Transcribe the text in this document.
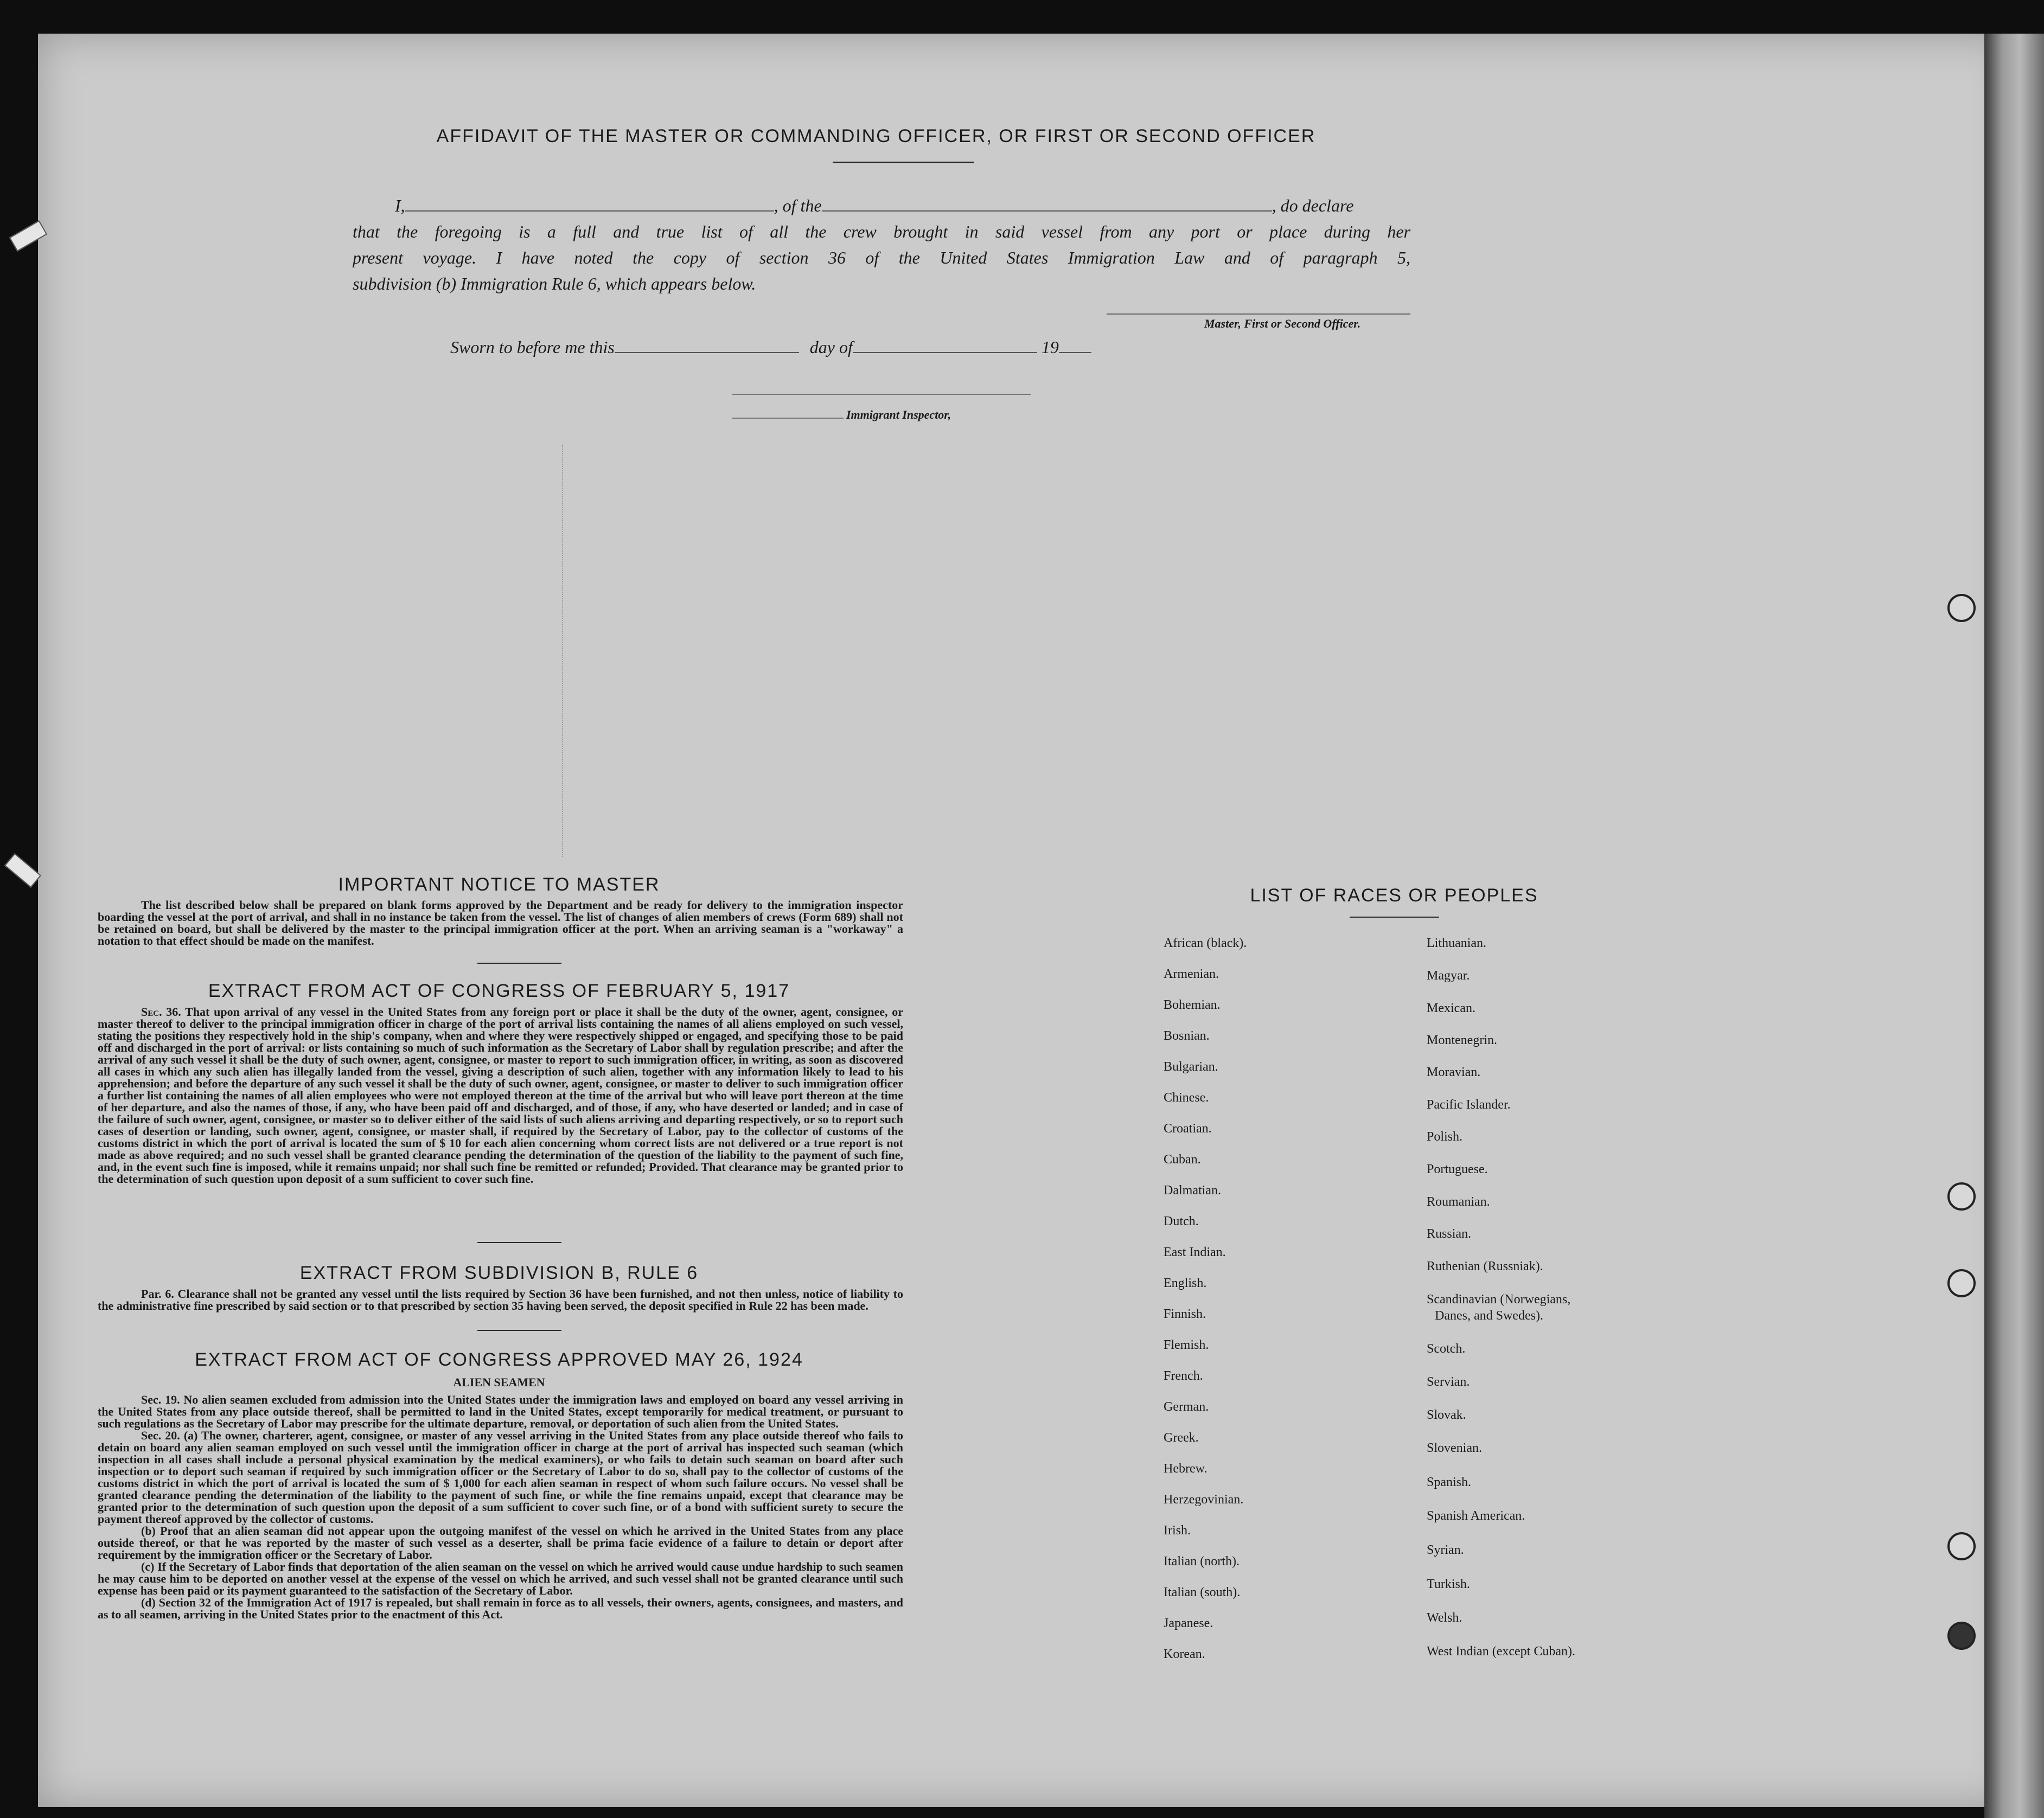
AFFIDAVIT OF THE MASTER OR COMMANDING OFFICER, OR FIRST OR SECOND OFFICER
I,	, of the	, do declare
that the foregoing is a full and true list of all the crew brought in said vessel from any port or place during her
present voyage. I have noted the copy of section 36 of the United States Immigration Law and of paragraph 5,
subdivision (b) Immigration Rule 6, which appears below.
Master, First or Second Officer.
Sworn to before me this	day of	19
Immigrant Inspector,
IMPORTANT NOTICE TO MASTER
The list described below shall be prepared on blank forms approved by the Department and be ready for delivery to the immigration inspector boarding the vessel at the port of arrival, and shall in no instance be taken from the vessel. The list of changes of alien members of crews (Form 689) shall not be retained on board, but shall be delivered by the master to the principal immigration officer at the port. When an arriving seaman is a "workaway" a notation to that effect should be made on the manifest.
EXTRACT FROM ACT OF CONGRESS OF FEBRUARY 5, 1917
Sec. 36. That upon arrival of any vessel in the United States from any foreign port or place it shall be the duty of the owner, agent, consignee, or master thereof to deliver to the principal immigration officer in charge of the port of arrival lists containing the names of all aliens employed on such vessel, stating the positions they respectively hold in the ship's company, when and where they were respectively shipped or engaged, and specifying those to be paid off and discharged in the port of arrival: or lists containing so much of such information as the Secretary of Labor shall by regulation prescribe; and after the arrival of any such vessel it shall be the duty of such owner, agent, consignee, or master to report to such immigration officer, in writing, as soon as discovered all cases in which any such alien has illegally landed from the vessel, giving a description of such alien, together with any information likely to lead to his apprehension; and before the departure of any such vessel it shall be the duty of such owner, agent, consignee, or master to deliver to such immigration officer a further list containing the names of all alien employees who were not employed thereon at the time of the arrival but who will leave port thereon at the time of her departure, and also the names of those, if any, who have been paid off and discharged, and of those, if any, who have deserted or landed; and in case of the failure of such owner, agent, consignee, or master so to deliver either of the said lists of such aliens arriving and departing respectively, or so to report such cases of desertion or landing, such owner, agent, consignee, or master shall, if required by the Secretary of Labor, pay to the collector of customs of the customs district in which the port of arrival is located the sum of $ 10 for each alien concerning whom correct lists are not delivered or a true report is not made as above required; and no such vessel shall be granted clearance pending the determination of the question of the liability to the payment of such fine, and, in the event such fine is imposed, while it remains unpaid; nor shall such fine be remitted or refunded; Provided. That clearance may be granted prior to the determination of such question upon deposit of a sum sufficient to cover such fine.
EXTRACT FROM SUBDIVISION B, RULE 6
Par. 6. Clearance shall not be granted any vessel until the lists required by Section 36 have been furnished, and not then unless, notice of liability to the administrative fine prescribed by said section or to that prescribed by section 35 having been served, the deposit specified in Rule 22 has been made.
EXTRACT FROM ACT OF CONGRESS APPROVED MAY 26, 1924
ALIEN SEAMEN
Sec. 19. No alien seamen excluded from admission into the United States under the immigration laws and employed on board any vessel arriving in the United States from any place outside thereof, shall be permitted to land in the United States, except temporarily for medical treatment, or pursuant to such regulations as the Secretary of Labor may prescribe for the ultimate departure, removal, or deportation of such alien from the United States.
Sec. 20. (a) The owner, charterer, agent, consignee, or master of any vessel arriving in the United States from any place outside thereof who fails to detain on board any alien seaman employed on such vessel until the immigration officer in charge at the port of arrival has inspected such seaman (which inspection in all cases shall include a personal physical examination by the medical examiners), or who fails to detain such seaman on board after such inspection or to deport such seaman if required by such immigration officer or the Secretary of Labor to do so, shall pay to the collector of customs of the customs district in which the port of arrival is located the sum of $ 1,000 for each alien seaman in respect of whom such failure occurs. No vessel shall be granted clearance pending the determination of the liability to the payment of such fine, or while the fine remains unpaid, except that clearance may be granted prior to the determination of such question upon the deposit of a sum sufficient to cover such fine, or of a bond with sufficient surety to secure the payment thereof approved by the collector of customs.
(b) Proof that an alien seaman did not appear upon the outgoing manifest of the vessel on which he arrived in the United States from any place outside thereof, or that he was reported by the master of such vessel as a deserter, shall be prima facie evidence of a failure to detain or deport after requirement by the immigration officer or the Secretary of Labor.
(c) If the Secretary of Labor finds that deportation of the alien seaman on the vessel on which he arrived would cause undue hardship to such seamen he may cause him to be deported on another vessel at the expense of the vessel on which he arrived, and such vessel shall not be granted clearance until such expense has been paid or its payment guaranteed to the satisfaction of the Secretary of Labor.
(d) Section 32 of the Immigration Act of 1917 is repealed, but shall remain in force as to all vessels, their owners, agents, consignees, and masters, and as to all seamen, arriving in the United States prior to the enactment of this Act.
LIST OF RACES OR PEOPLES
African (black).
Armenian.
Bohemian.
Bosnian.
Bulgarian.
Chinese.
Croatian.
Cuban.
Dalmatian.
Dutch.
East Indian.
English.
Finnish.
Flemish.
French.
German.
Greek.
Hebrew.
Herzegovinian.
Irish.
Italian (north).
Italian (south).
Japanese.
Korean.
Lithuanian.
Magyar.
Mexican.
Montenegrin.
Moravian.
Pacific Islander.
Polish.
Portuguese.
Roumanian.
Russian.
Ruthenian (Russniak).
Scandinavian (Norwegians,
Danes, and Swedes).
Scotch.
Servian.
Slovak.
Slovenian.
Spanish.
Spanish American.
Syrian.
Turkish.
Welsh.
West Indian (except Cuban).
